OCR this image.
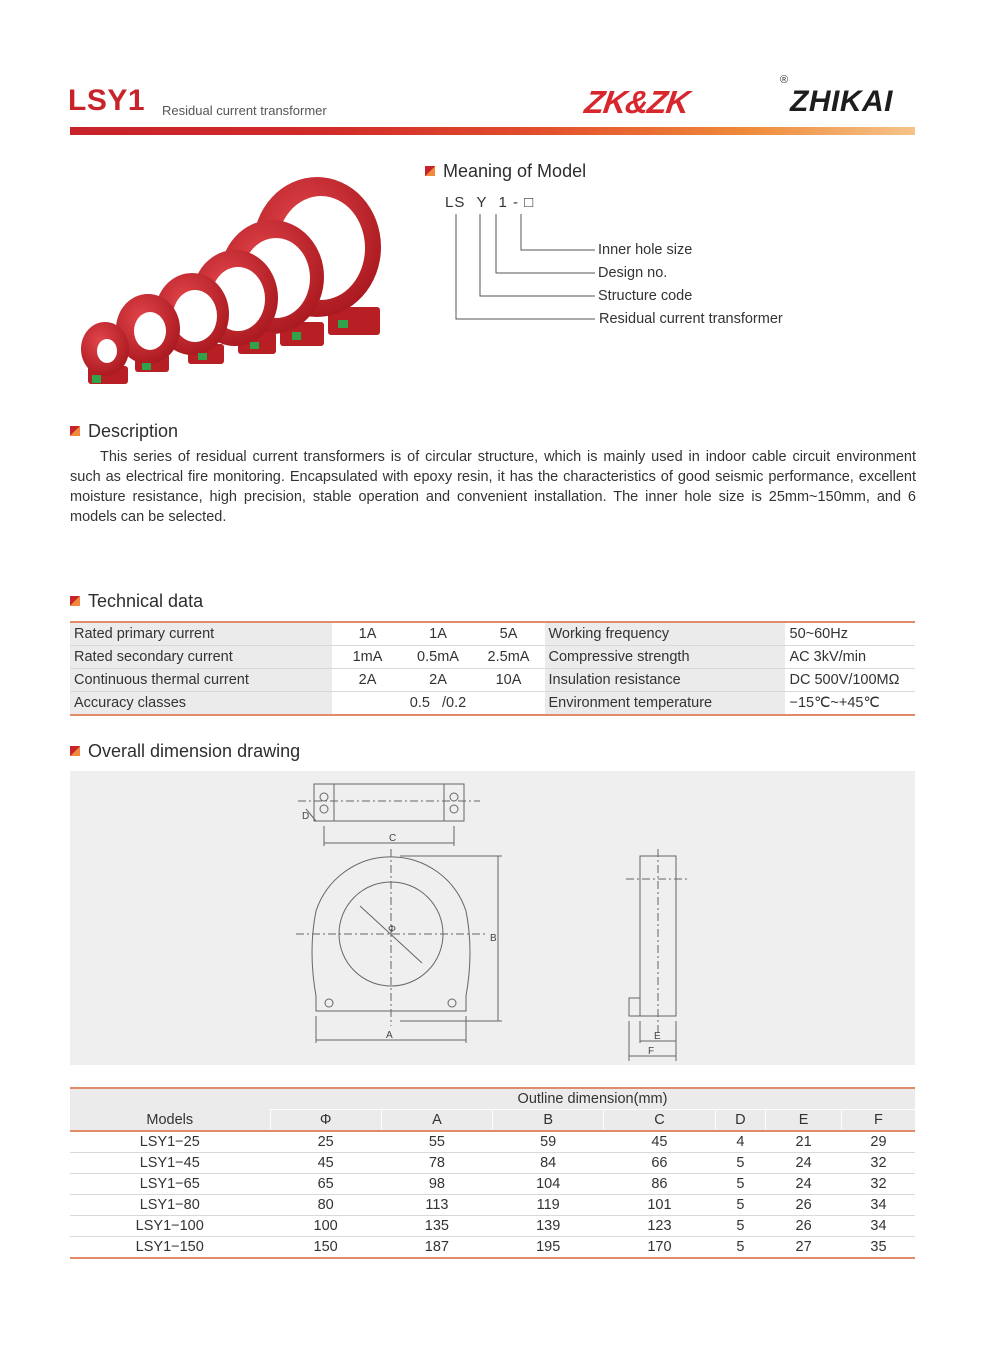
LSY1 Residual current transformer	ZK&ZK
®
ZHIKAI
Meaning of Model
LS Y 1 - □
Inner hole size
Design no.
Structure code
Residual current transformer
Description
This series of residual current transformers is of circular structure, which is mainly used in indoor cable circuit environment such as electrical fire monitoring. Encapsulated with epoxy resin, it has the characteristics of good seismic performance, excellent moisture resistance, high precision, stable operation and convenient installation. The inner hole size is 25mm~150mm, and 6 models can be selected.
Technical data
Rated primary current	1A	1A	5A	Working frequency	50~60Hz
Rated secondary current	1mA	0.5mA	2.5mA	Compressive strength	AC 3kV/min
Continuous thermal current	2A	2A	10A	Insulation resistance	DC 500V/100MΩ
Accuracy classes	0.5   /0.2			Environment temperature	−15℃~+45℃
Overall dimension drawing
C
D
Φ
A
B
E
F
Models	Outline dimension(mm)						
	Φ	A	B	C	D	E	F
LSY1−25	25	55	59	45	4	21	29
LSY1−45	45	78	84	66	5	24	32
LSY1−65	65	98	104	86	5	24	32
LSY1−80	80	113	119	101	5	26	34
LSY1−100	100	135	139	123	5	26	34
LSY1−150	150	187	195	170	5	27	35
